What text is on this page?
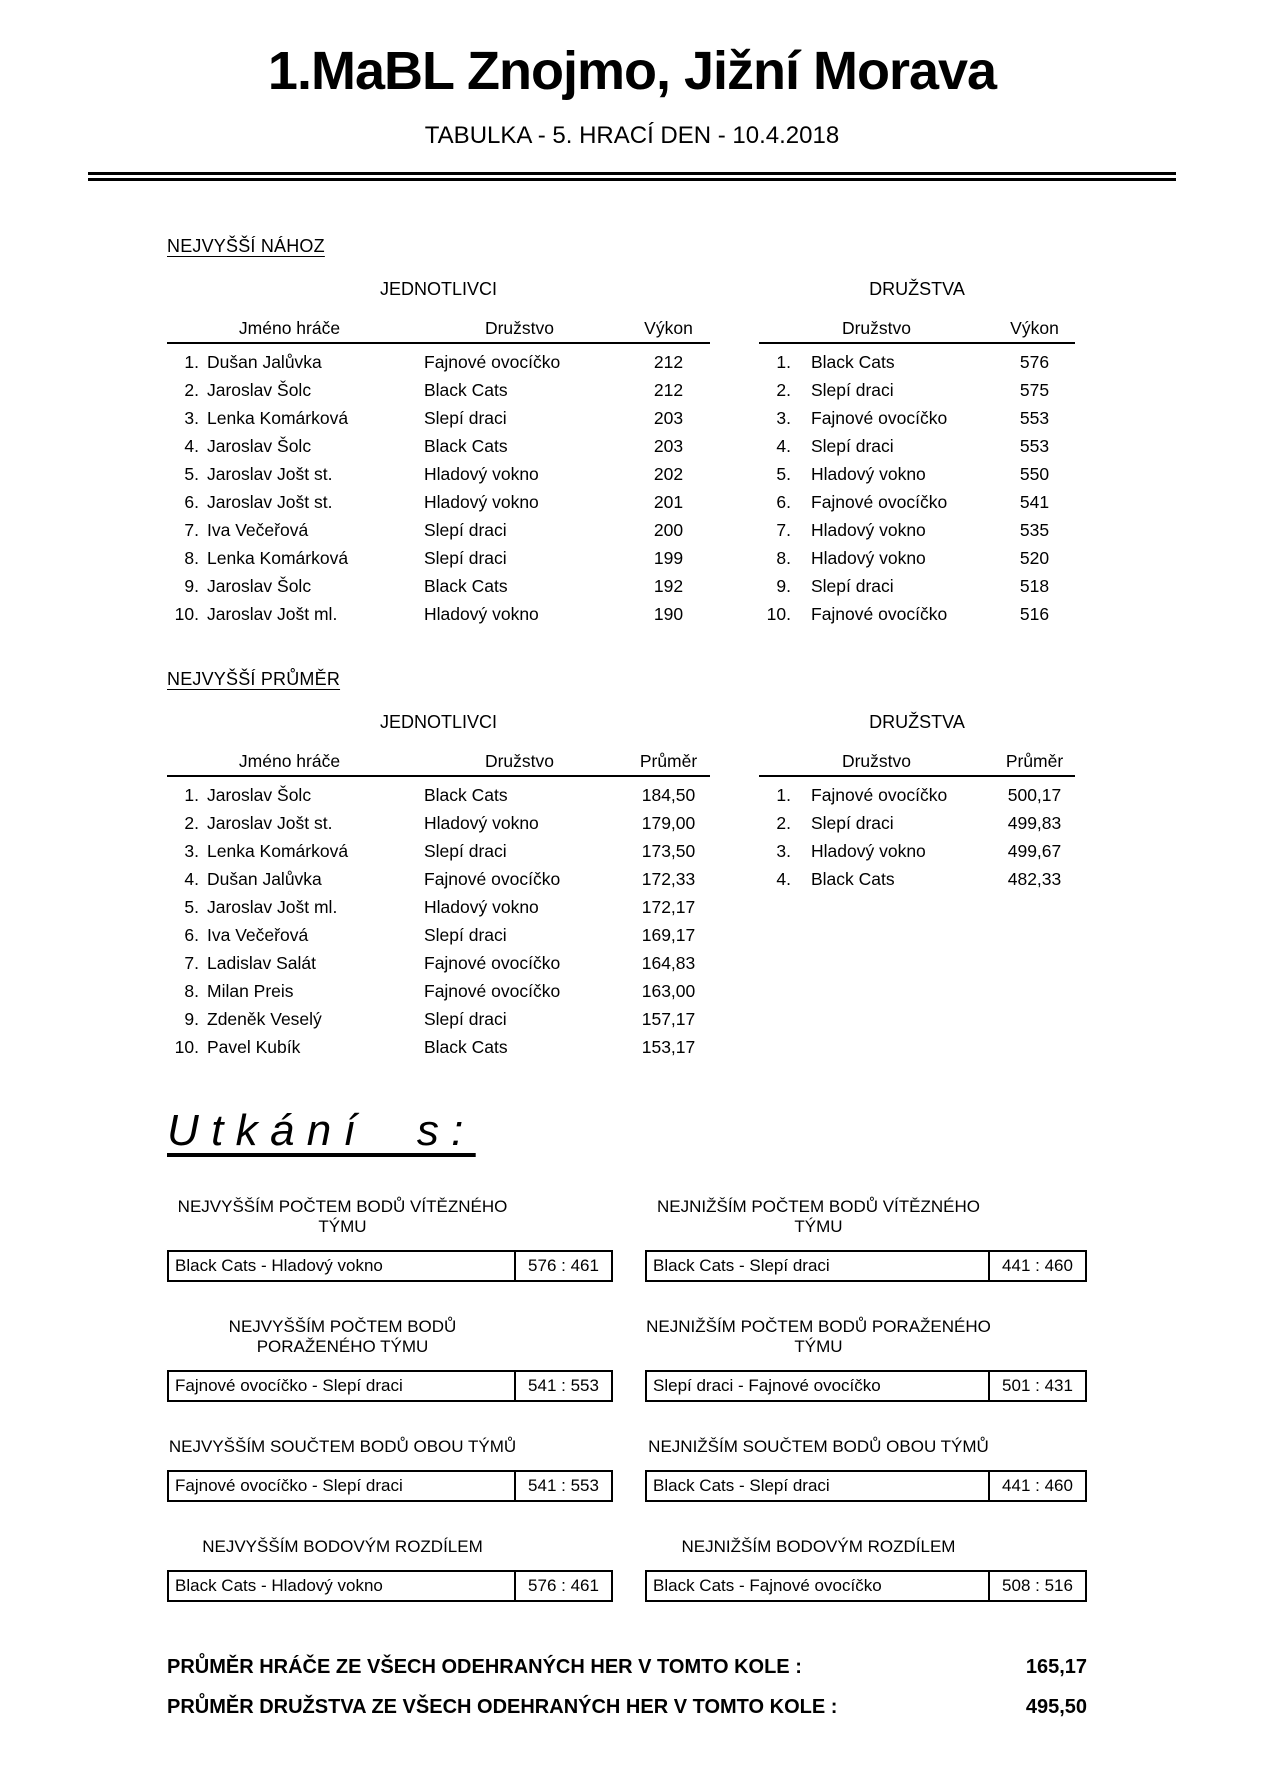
1.MaBL Znojmo, Jižní Morava
TABULKA - 5. HRACÍ DEN - 10.4.2018
NEJVYŠŠÍ NÁHOZ
JEDNOTLIVCI
Jméno hráče	Družstvo	Výkon
1. Dušan Jalůvka	Fajnové ovocíčko	212
2. Jaroslav Šolc	Black Cats	212
3. Lenka Komárková	Slepí draci	203
4. Jaroslav Šolc	Black Cats	203
5. Jaroslav Jošt st.	Hladový vokno	202
6. Jaroslav Jošt st.	Hladový vokno	201
7. Iva Večeřová	Slepí draci	200
8. Lenka Komárková	Slepí draci	199
9. Jaroslav Šolc	Black Cats	192
10. Jaroslav Jošt ml.	Hladový vokno	190
DRUŽSTVA
Družstvo	Výkon
1.	Black Cats	576
2.	Slepí draci	575
3.	Fajnové ovocíčko	553
4.	Slepí draci	553
5.	Hladový vokno	550
6.	Fajnové ovocíčko	541
7.	Hladový vokno	535
8.	Hladový vokno	520
9.	Slepí draci	518
10.	Fajnové ovocíčko	516
NEJVYŠŠÍ PRŮMĚR
JEDNOTLIVCI
Jméno hráče	Družstvo	Průměr
1. Jaroslav Šolc	Black Cats	184,50
2. Jaroslav Jošt st.	Hladový vokno	179,00
3. Lenka Komárková	Slepí draci	173,50
4. Dušan Jalůvka	Fajnové ovocíčko	172,33
5. Jaroslav Jošt ml.	Hladový vokno	172,17
6. Iva Večeřová	Slepí draci	169,17
7. Ladislav Salát	Fajnové ovocíčko	164,83
8. Milan Preis	Fajnové ovocíčko	163,00
9. Zdeněk Veselý	Slepí draci	157,17
10. Pavel Kubík	Black Cats	153,17
DRUŽSTVA
Družstvo	Průměr
1.	Fajnové ovocíčko	500,17
2.	Slepí draci	499,83
3.	Hladový vokno	499,67
4.	Black Cats	482,33
Utkání s:
NEJVYŠŠÍM POČTEM BODŮ VÍTĚZNÉHO TÝMU
Black Cats - Hladový vokno	576 : 461
NEJNIŽŠÍM POČTEM BODŮ VÍTĚZNÉHO TÝMU
Black Cats - Slepí draci	441 : 460
NEJVYŠŠÍM POČTEM BODŮ PORAŽENÉHO TÝMU
Fajnové ovocíčko - Slepí draci	541 : 553
NEJNIŽŠÍM POČTEM BODŮ PORAŽENÉHO TÝMU
Slepí draci - Fajnové ovocíčko	501 : 431
NEJVYŠŠÍM SOUČTEM BODŮ OBOU TÝMŮ
Fajnové ovocíčko - Slepí draci	541 : 553
NEJNIŽŠÍM SOUČTEM BODŮ OBOU TÝMŮ
Black Cats - Slepí draci	441 : 460
NEJVYŠŠÍM BODOVÝM ROZDÍLEM
Black Cats - Hladový vokno	576 : 461
NEJNIŽŠÍM BODOVÝM ROZDÍLEM
Black Cats - Fajnové ovocíčko	508 : 516
PRŮMĚR HRÁČE ZE VŠECH ODEHRANÝCH HER V TOMTO KOLE :	165,17
PRŮMĚR DRUŽSTVA ZE VŠECH ODEHRANÝCH HER V TOMTO KOLE :	495,50
